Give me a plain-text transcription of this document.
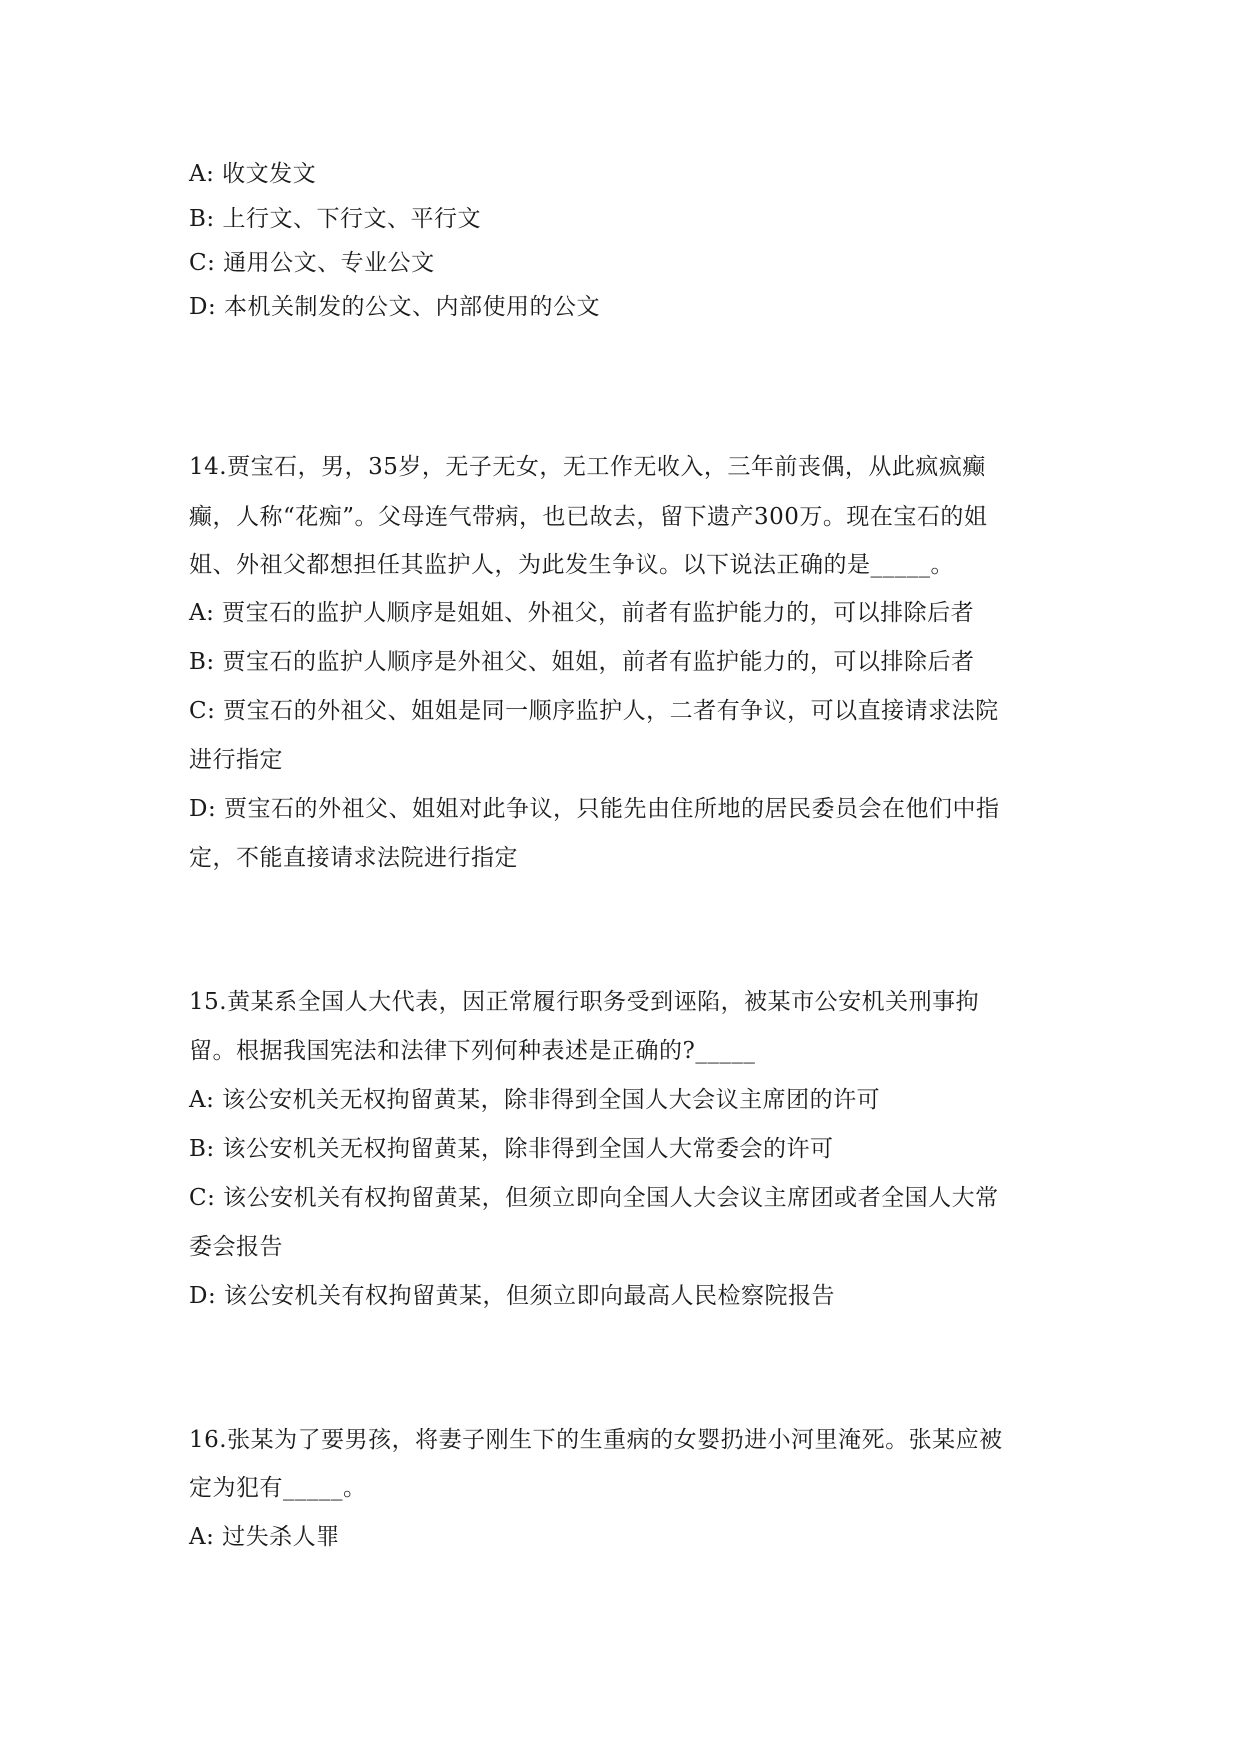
A: 收文发文
B: 上行文、下行文、平行文
C: 通用公文、专业公文
D: 本机关制发的公文、内部使用的公文
14.贾宝石，男，35岁，无子无女，无工作无收入，三年前丧偶，从此疯疯癫
癫，人称“花痴”。父母连气带病，也已故去，留下遗产300万。现在宝石的姐
姐、外祖父都想担任其监护人，为此发生争议。以下说法正确的是_____。
A: 贾宝石的监护人顺序是姐姐、外祖父，前者有监护能力的，可以排除后者
B: 贾宝石的监护人顺序是外祖父、姐姐，前者有监护能力的，可以排除后者
C: 贾宝石的外祖父、姐姐是同一顺序监护人，二者有争议，可以直接请求法院
进行指定
D: 贾宝石的外祖父、姐姐对此争议，只能先由住所地的居民委员会在他们中指
定，不能直接请求法院进行指定
15.黄某系全国人大代表，因正常履行职务受到诬陷，被某市公安机关刑事拘
留。根据我国宪法和法律下列何种表述是正确的?_____
A: 该公安机关无权拘留黄某，除非得到全国人大会议主席团的许可
B: 该公安机关无权拘留黄某，除非得到全国人大常委会的许可
C: 该公安机关有权拘留黄某，但须立即向全国人大会议主席团或者全国人大常
委会报告
D: 该公安机关有权拘留黄某，但须立即向最高人民检察院报告
16.张某为了要男孩，将妻子刚生下的生重病的女婴扔进小河里淹死。张某应被
定为犯有_____。
A: 过失杀人罪
